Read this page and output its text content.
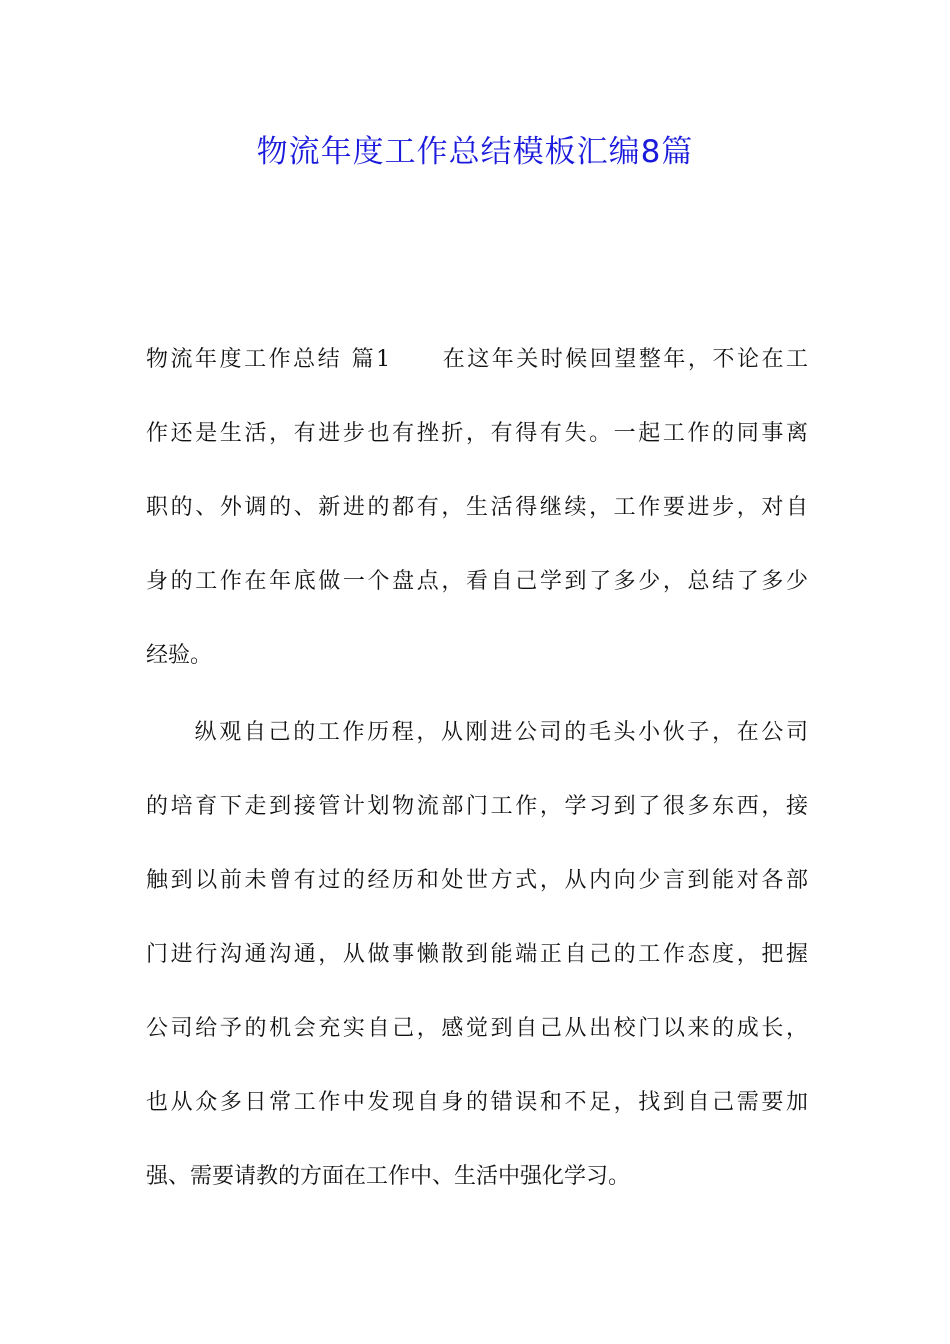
物流年度工作总结模板汇编8篇
物流年度工作总结 篇1 在这年关时候回望整年，不论在工
作还是生活，有进步也有挫折，有得有失。一起工作的同事离
职的、外调的、新进的都有，生活得继续，工作要进步，对自
身的工作在年底做一个盘点，看自己学到了多少，总结了多少
经验。
纵观自己的工作历程，从刚进公司的毛头小伙子，在公司
的培育下走到接管计划物流部门工作，学习到了很多东西，接
触到以前未曾有过的经历和处世方式，从内向少言到能对各部
门进行沟通沟通，从做事懒散到能端正自己的工作态度，把握
公司给予的机会充实自己，感觉到自己从出校门以来的成长，
也从众多日常工作中发现自身的错误和不足，找到自己需要加
强、需要请教的方面在工作中、生活中强化学习。
